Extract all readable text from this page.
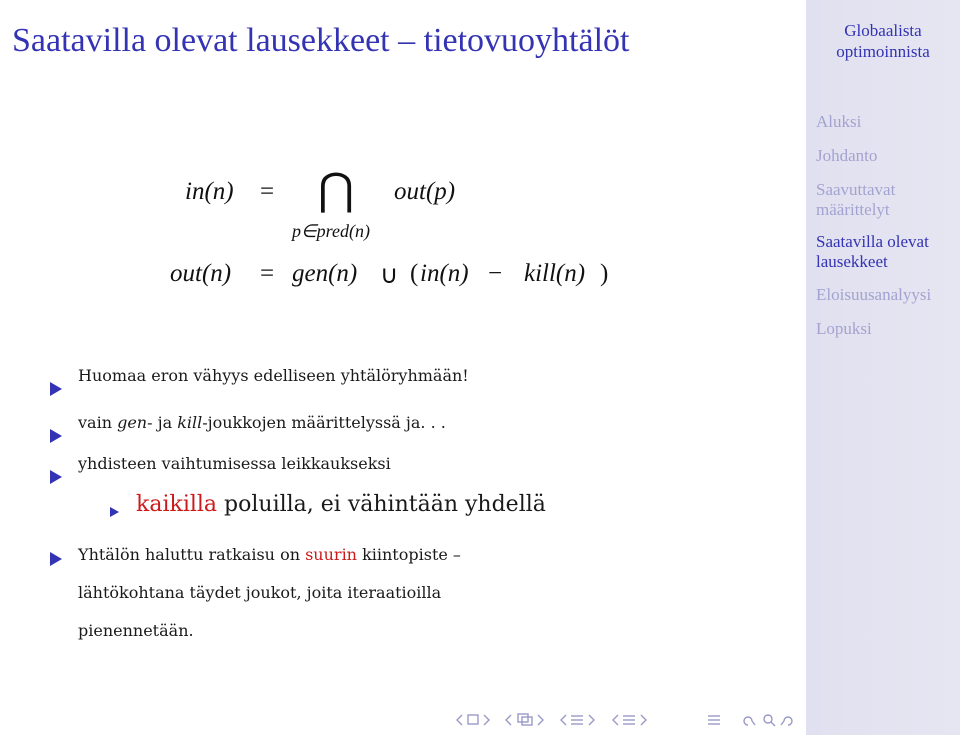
Saatavilla olevat lausekkeet – tietovuoyhtälöt
in(n) = ⋂
p∈pred(n)
out(p)
out(n) = gen(n) ∪ ( in(n) − kill(n) )
Huomaa eron vähyys edelliseen yhtälöryhmään!
vain gen- ja kill-joukkojen määrittelyssä ja. . .
yhdisteen vaihtumisessa leikkaukseksi
kaikilla poluilla, ei vähintään yhdellä
Yhtälön haluttu ratkaisu on suurin kiintopiste –
lähtökohtana täydet joukot, joita iteraatioilla
pienennetään.
Globaalista
optimoinnista
Aluksi
Johdanto
Saavuttavat
määrittelyt
Saatavilla olevat
lausekkeet
Eloisuusanalyysi
Lopuksi
